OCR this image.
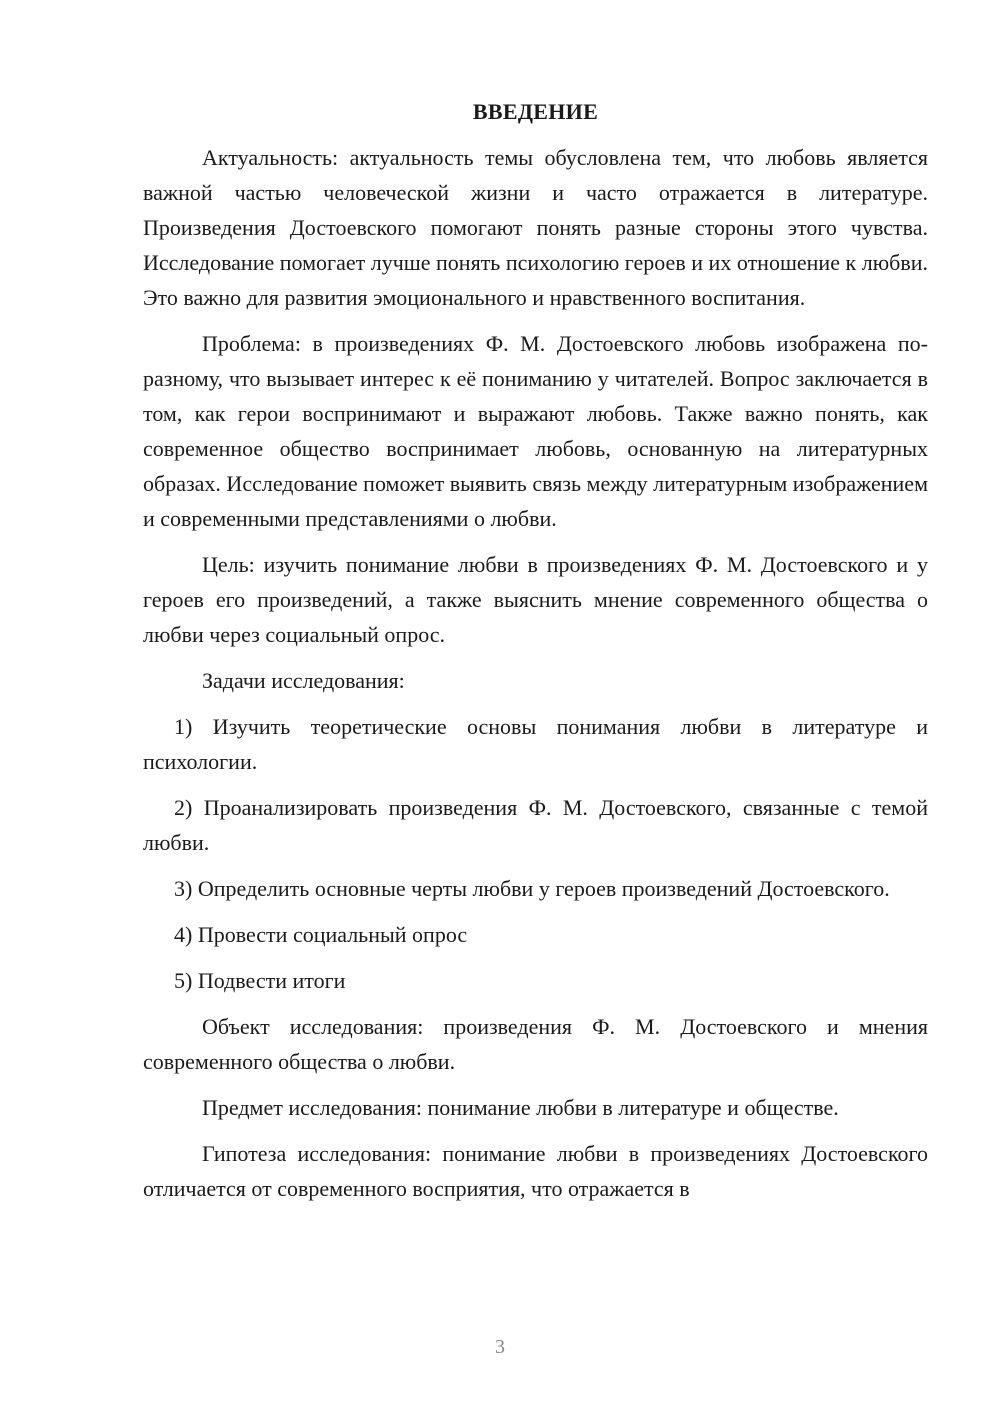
ВВЕДЕНИЕ

Актуальность: актуальность темы обусловлена тем, что любовь является важной частью человеческой жизни и часто отражается в литературе. Произведения Достоевского помогают понять разные стороны этого чувства. Исследование помогает лучше понять психологию героев и их отношение к любви. Это важно для развития эмоционального и нравственного воспитания.

Проблема: в произведениях Ф. М. Достоевского любовь изображена по-разному, что вызывает интерес к её пониманию у читателей. Вопрос заключается в том, как герои воспринимают и выражают любовь. Также важно понять, как современное общество воспринимает любовь, основанную на литературных образах. Исследование поможет выявить связь между литературным изображением и современными представлениями о любви.

Цель: изучить понимание любви в произведениях Ф. М. Достоевского и у героев его произведений, а также выяснить мнение современного общества о любви через социальный опрос.

Задачи исследования:

1) Изучить теоретические основы понимания любви в литературе и психологии.

2) Проанализировать произведения Ф. М. Достоевского, связанные с темой любви.

3) Определить основные черты любви у героев произведений Достоевского.

4) Провести социальный опрос

5) Подвести итоги

Объект исследования: произведения Ф. М. Достоевского и мнения современного общества о любви.

Предмет исследования: понимание любви в литературе и обществе.

Гипотеза исследования: понимание любви в произведениях Достоевского отличается от современного восприятия, что отражается в

3
